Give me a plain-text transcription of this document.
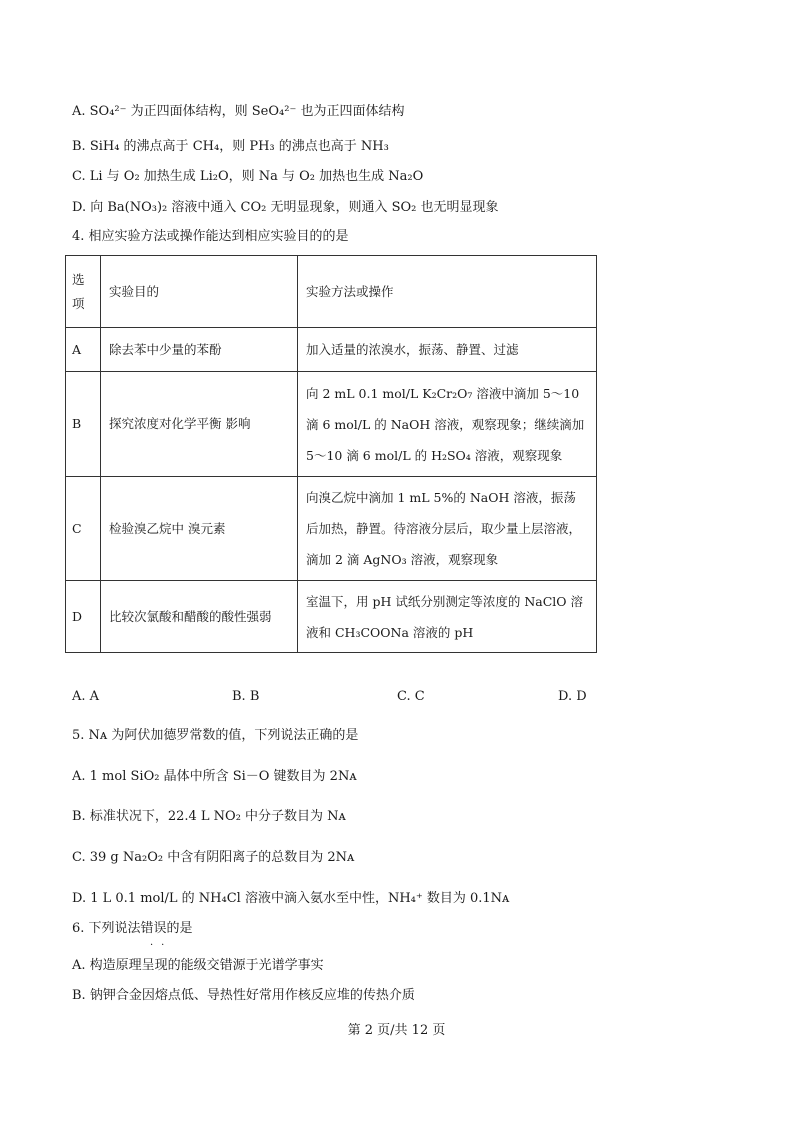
A. SO₄²⁻ 为正四面体结构，则 SeO₄²⁻ 也为正四面体结构
B. SiH₄ 的沸点高于 CH₄，则 PH₃ 的沸点也高于 NH₃
C. Li 与 O₂ 加热生成 Li₂O，则 Na 与 O₂ 加热也生成 Na₂O
D. 向 Ba(NO₃)₂ 溶液中通入 CO₂ 无明显现象，则通入 SO₂ 也无明显现象
4. 相应实验方法或操作能达到相应实验目的的是
选
项	实验目的	实验方法或操作
A	除去苯中少量的苯酚	加入适量的浓溴水，振荡、静置、过滤
B	探究浓度对化学平衡 影响	向 2 mL 0.1 mol/L K₂Cr₂O₇ 溶液中滴加 5～10 滴 6 mol/L 的 NaOH 溶液，观察现象；继续滴加 5～10 滴 6 mol/L 的 H₂SO₄ 溶液，观察现象
C	检验溴乙烷中 溴元素	向溴乙烷中滴加 1 mL 5%的 NaOH 溶液，振荡后加热，静置。待溶液分层后，取少量上层溶液，滴加 2 滴 AgNO₃ 溶液，观察现象
D	比较次氯酸和醋酸的酸性强弱	室温下，用 pH 试纸分别测定等浓度的 NaClO 溶液和 CH₃COONa 溶液的 pH
A. A	B. B	C. C	D. D
5. Nᴀ 为阿伏加德罗常数的值，下列说法正确的是
A. 1 mol SiO₂ 晶体中所含 Si－O 键数目为 2Nᴀ
B. 标准状况下，22.4 L NO₂ 中分子数目为 Nᴀ
C. 39 g Na₂O₂ 中含有阴阳离子的总数目为 2Nᴀ
D. 1 L 0.1 mol/L 的 NH₄Cl 溶液中滴入氨水至中性，NH₄⁺ 数目为 0.1Nᴀ
6. 下列说法错误的是
··
A. 构造原理呈现的能级交错源于光谱学事实
B. 钠钾合金因熔点低、导热性好常用作核反应堆的传热介质
第 2 页/共 12 页
